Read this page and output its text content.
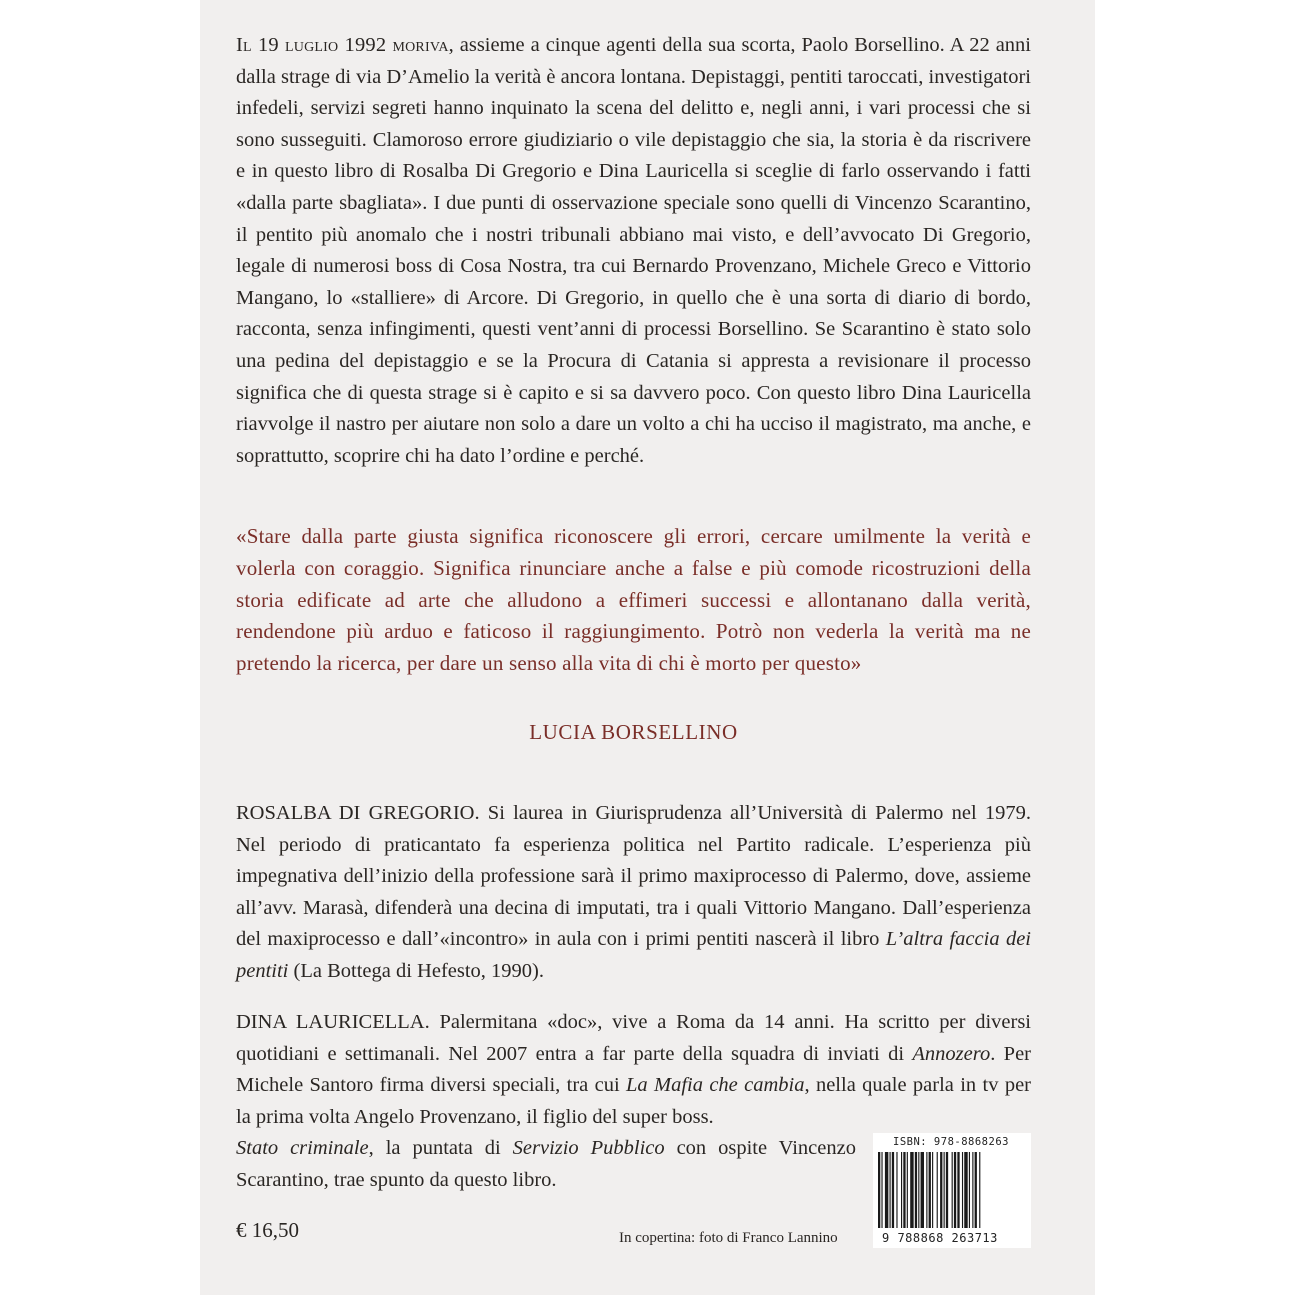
Il 19 luglio 1992 moriva, assieme a cinque agenti della sua scorta, Paolo Borsellino. A 22 anni dalla strage di via D’Amelio la verità è ancora lontana. Depistaggi, pentiti taroccati, investigatori infedeli, servizi segreti hanno inquinato la scena del delitto e, negli anni, i vari processi che si sono susseguiti. Clamoroso errore giudiziario o vile depistaggio che sia, la storia è da riscrivere e in questo libro di Rosalba Di Gregorio e Dina Lauricella si sceglie di farlo osservando i fatti «dalla parte sbagliata». I due punti di osservazione speciale sono quelli di Vincenzo Scarantino, il pentito più anomalo che i nostri tribunali abbiano mai visto, e dell’avvocato Di Gregorio, legale di numerosi boss di Cosa Nostra, tra cui Bernardo Provenzano, Michele Greco e Vittorio Mangano, lo «stalliere» di Arcore. Di Gregorio, in quello che è una sorta di diario di bordo, racconta, senza infingimenti, questi vent’anni di processi Borsellino. Se Scarantino è stato solo una pedina del depistaggio e se la Procura di Catania si appresta a revisionare il processo significa che di questa strage si è capito e si sa davvero poco. Con questo libro Dina Lauricella riavvolge il nastro per aiutare non solo a dare un volto a chi ha ucciso il magistrato, ma anche, e soprattutto, scoprire chi ha dato l’ordine e perché.
«Stare dalla parte giusta significa riconoscere gli errori, cercare umilmente la verità e volerla con coraggio. Significa rinunciare anche a false e più comode ricostruzioni della storia edificate ad arte che alludono a effimeri successi e allontanano dalla verità, rendendone più arduo e faticoso il raggiungimento. Potrò non vederla la verità ma ne pretendo la ricerca, per dare un senso alla vita di chi è morto per questo»
LUCIA BORSELLINO
ROSALBA DI GREGORIO. Si laurea in Giurisprudenza all’Università di Palermo nel 1979. Nel periodo di praticantato fa esperienza politica nel Partito radicale. L’esperienza più impegnativa dell’inizio della professione sarà il primo maxiprocesso di Palermo, dove, assieme all’avv. Marasà, difenderà una decina di imputati, tra i quali Vittorio Mangano. Dall’esperienza del maxiprocesso e dall’«incontro» in aula con i primi pentiti nascerà il libro L’altra faccia dei pentiti (La Bottega di Hefesto, 1990).
DINA LAURICELLA. Palermitana «doc», vive a Roma da 14 anni. Ha scritto per diversi quotidiani e settimanali. Nel 2007 entra a far parte della squadra di inviati di Annozero. Per Michele Santoro firma diversi speciali, tra cui La Mafia che cambia, nella quale parla in tv per la prima volta Angelo Provenzano, il figlio del super boss.
Stato criminale, la puntata di Servizio Pubblico con ospite Vincenzo Scarantino, trae spunto da questo libro.
€ 16,50	In copertina: foto di Franco Lannino
ISBN: 978-8868263
9 788868 263713
